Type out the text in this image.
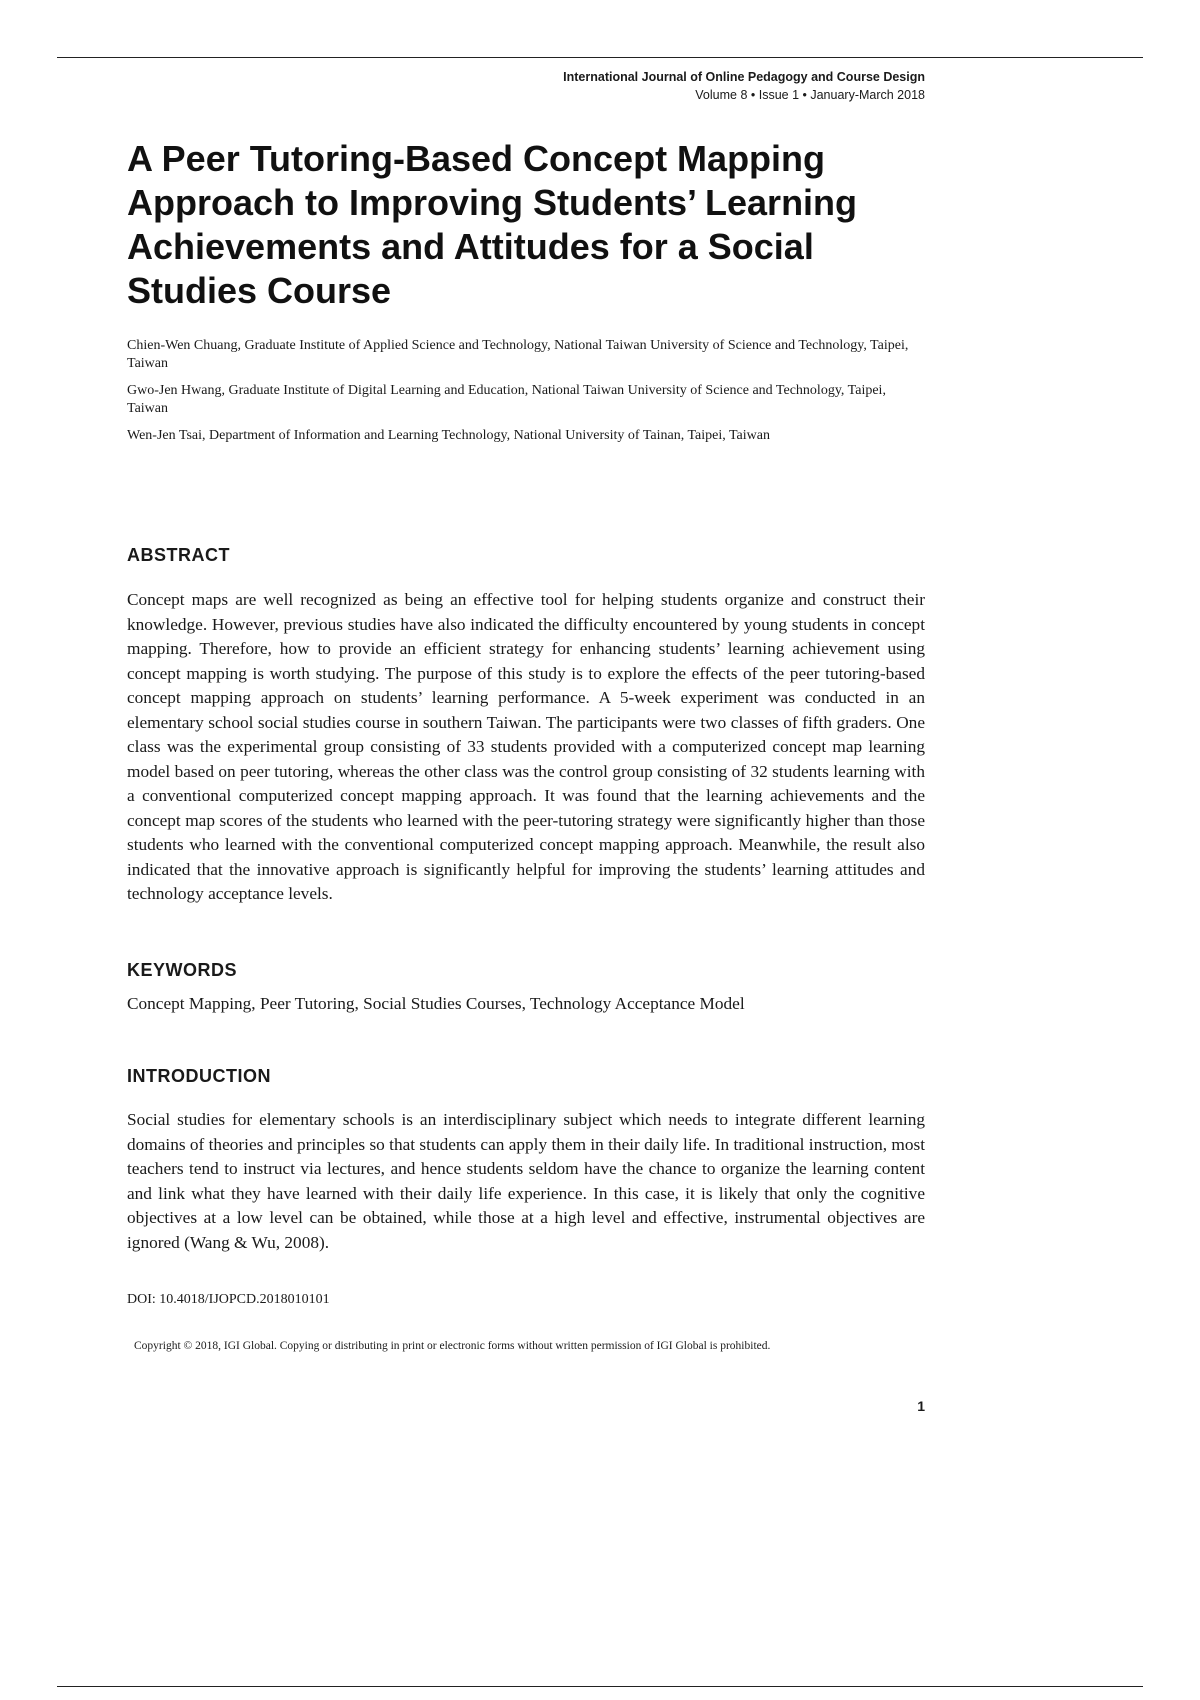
International Journal of Online Pedagogy and Course Design
Volume 8 • Issue 1 • January-March 2018
A Peer Tutoring-Based Concept Mapping Approach to Improving Students’ Learning Achievements and Attitudes for a Social Studies Course

Chien-Wen Chuang, Graduate Institute of Applied Science and Technology, National Taiwan University of Science and Technology, Taipei, Taiwan

Gwo-Jen Hwang, Graduate Institute of Digital Learning and Education, National Taiwan University of Science and Technology, Taipei, Taiwan

Wen-Jen Tsai, Department of Information and Learning Technology, National University of Tainan, Taipei, Taiwan

ABSTRACT

Concept maps are well recognized as being an effective tool for helping students organize and construct their knowledge. However, previous studies have also indicated the difficulty encountered by young students in concept mapping. Therefore, how to provide an efficient strategy for enhancing students’ learning achievement using concept mapping is worth studying. The purpose of this study is to explore the effects of the peer tutoring-based concept mapping approach on students’ learning performance. A 5-week experiment was conducted in an elementary school social studies course in southern Taiwan. The participants were two classes of fifth graders. One class was the experimental group consisting of 33 students provided with a computerized concept map learning model based on peer tutoring, whereas the other class was the control group consisting of 32 students learning with a conventional computerized concept mapping approach. It was found that the learning achievements and the concept map scores of the students who learned with the peer-tutoring strategy were significantly higher than those students who learned with the conventional computerized concept mapping approach. Meanwhile, the result also indicated that the innovative approach is significantly helpful for improving the students’ learning attitudes and technology acceptance levels.

KEYWORDS

Concept Mapping, Peer Tutoring, Social Studies Courses, Technology Acceptance Model

INTRODUCTION

Social studies for elementary schools is an interdisciplinary subject which needs to integrate different learning domains of theories and principles so that students can apply them in their daily life. In traditional instruction, most teachers tend to instruct via lectures, and hence students seldom have the chance to organize the learning content and link what they have learned with their daily life experience. In this case, it is likely that only the cognitive objectives at a low level can be obtained, while those at a high level and effective, instrumental objectives are ignored (Wang & Wu, 2008).

DOI: 10.4018/IJOPCD.2018010101
Copyright © 2018, IGI Global. Copying or distributing in print or electronic forms without written permission of IGI Global is prohibited.
1
